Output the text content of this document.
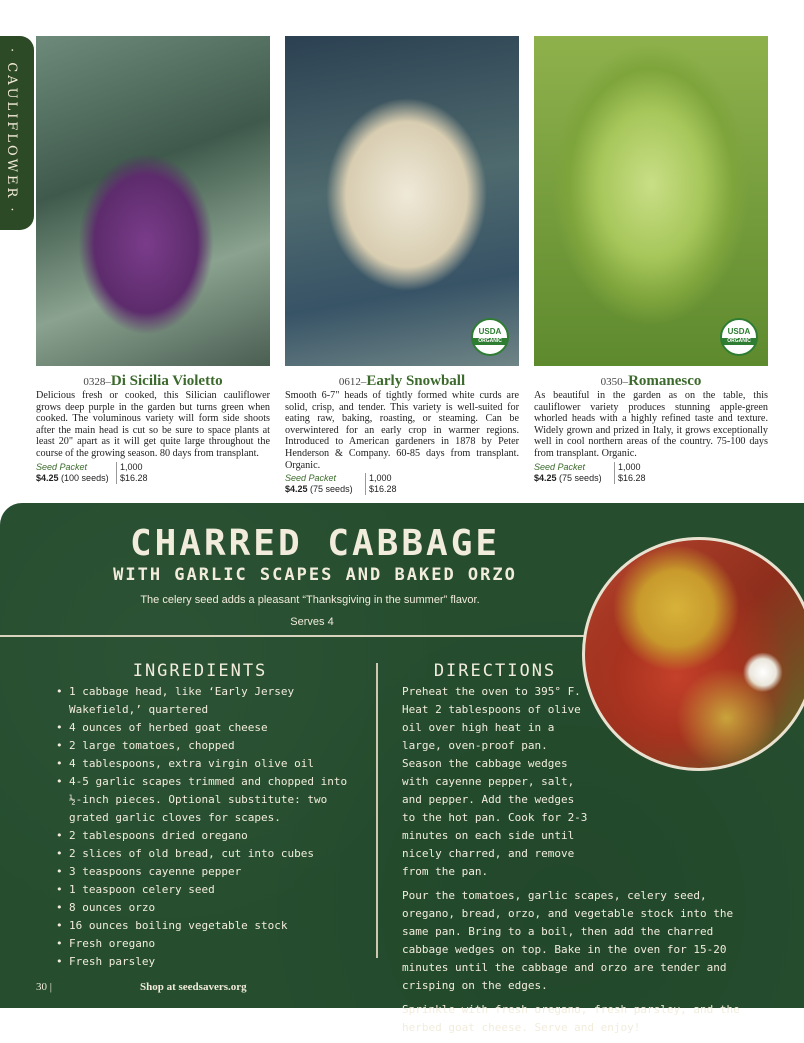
· CAULIFLOWER ·
0328–Di Sicilia Violetto

Delicious fresh or cooked, this Silician cauliflower grows deep purple in the garden but turns green when cooked. The voluminous variety will form side shoots after the main head is cut so be sure to space plants at least 20" apart as it will get quite large throughout the course of the growing season. 80 days from transplant.

Seed Packet	1,000
$4.25 (100 seeds)	$16.28
USDA
ORGANIC
0612–Early Snowball

Smooth 6-7" heads of tightly formed white curds are solid, crisp, and tender. This variety is well-suited for eating raw, baking, roasting, or steaming. Can be overwintered for an early crop in warmer regions. Introduced to American gardeners in 1878 by Peter Henderson & Company. 60-85 days from transplant. Organic.

Seed Packet	1,000
$4.25 (75 seeds)	$16.28
USDA
ORGANIC
0350–Romanesco

As beautiful in the garden as on the table, this cauliflower variety produces stunning apple-green whorled heads with a highly refined taste and texture. Widely grown and prized in Italy, it grows exceptionally well in cool northern areas of the country. 75-100 days from transplant. Organic.

Seed Packet	1,000
$4.25 (75 seeds)	$16.28
CHARRED CABBAGE
WITH GARLIC SCAPES AND BAKED ORZO
The celery seed adds a pleasant “Thanksgiving in the summer” flavor.
Serves 4
INGREDIENTS
• 1 cabbage head, like ‘Early Jersey Wakefield,’ quartered
• 4 ounces of herbed goat cheese
• 2 large tomatoes, chopped
• 4 tablespoons, extra virgin olive oil
• 4-5 garlic scapes trimmed and chopped into ½-inch pieces. Optional substitute: two grated garlic cloves for scapes.
• 2 tablespoons dried oregano
• 2 slices of old bread, cut into cubes
• 3 teaspoons cayenne pepper
• 1 teaspoon celery seed
• 8 ounces orzo
• 16 ounces boiling vegetable stock
• Fresh oregano
• Fresh parsley
DIRECTIONS

Preheat the oven to 395° F. Heat 2 tablespoons of olive oil over high heat in a large, oven-proof pan. Season the cabbage wedges with cayenne pepper, salt, and pepper. Add the wedges to the hot pan. Cook for 2-3 minutes on each side until nicely charred, and remove from the pan.

Pour the tomatoes, garlic scapes, celery seed, oregano, bread, orzo, and vegetable stock into the same pan. Bring to a boil, then add the charred cabbage wedges on top. Bake in the oven for 15-20 minutes until the cabbage and orzo are tender and crisping on the edges.

Sprinkle with fresh oregano, fresh parsley, and the herbed goat cheese. Serve and enjoy!

30 |	Shop at seedsavers.org
